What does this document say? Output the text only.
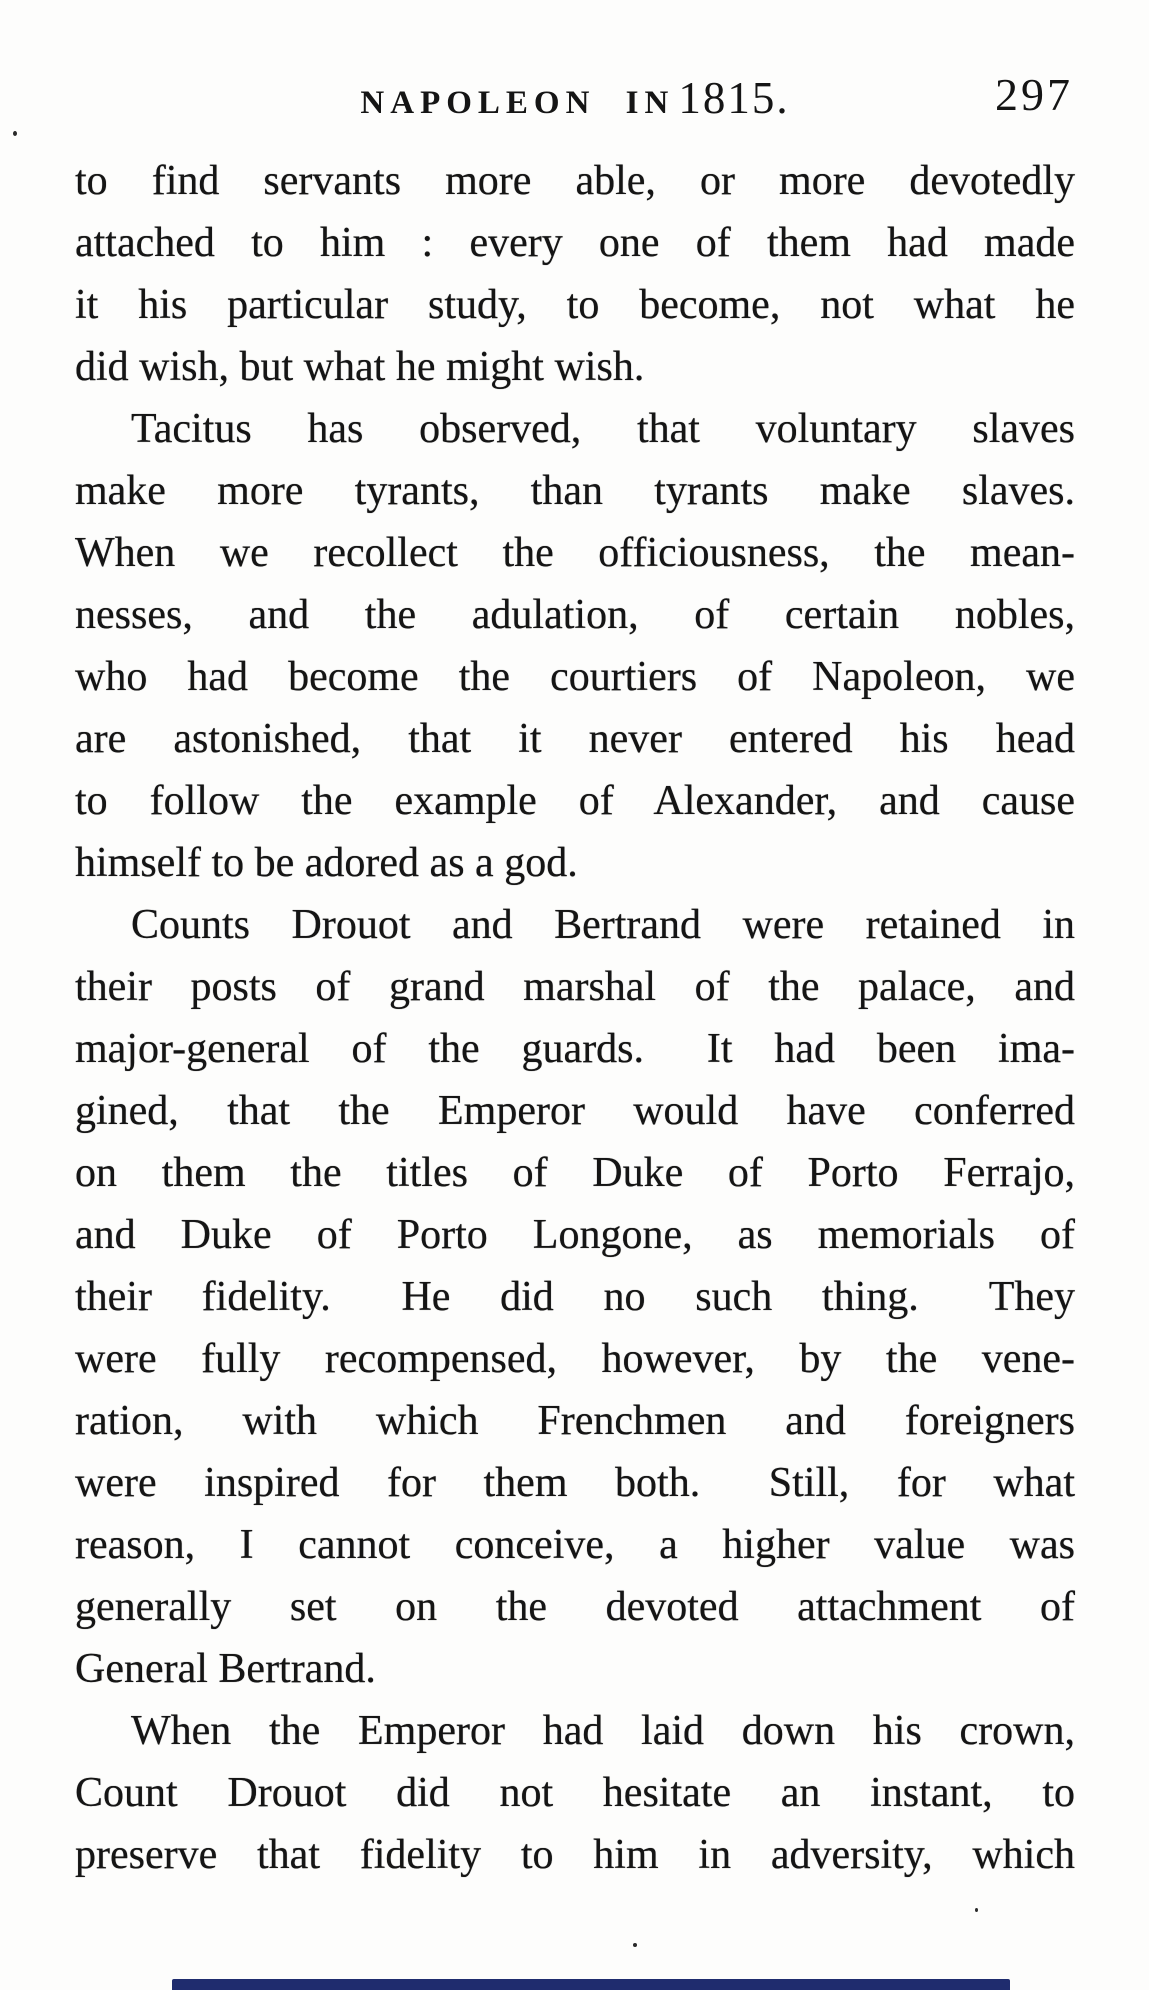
NAPOLEON IN 1815.	297
to find servants more able, or more devotedly
attached to him : every one of them had made
it his particular study, to become, not what he
did wish, but what he might wish.
Tacitus has observed, that voluntary slaves
make more tyrants, than tyrants make slaves.
When we recollect the officiousness, the mean-
nesses, and the adulation, of certain nobles,
who had become the courtiers of Napoleon, we
are astonished, that it never entered his head
to follow the example of Alexander, and cause
himself to be adored as a god.
Counts Drouot and Bertrand were retained in
their posts of grand marshal of the palace, and
major-general of the guards.  It had been ima-
gined, that the Emperor would have conferred
on them the titles of Duke of Porto Ferrajo,
and Duke of Porto Longone, as memorials of
their fidelity.  He did no such thing.  They
were fully recompensed, however, by the vene-
ration, with which Frenchmen and foreigners
were inspired for them both.  Still, for what
reason, I cannot conceive, a higher value was
generally set on the devoted attachment of
General Bertrand.
When the Emperor had laid down his crown,
Count Drouot did not hesitate an instant, to
preserve that fidelity to him in adversity, which
